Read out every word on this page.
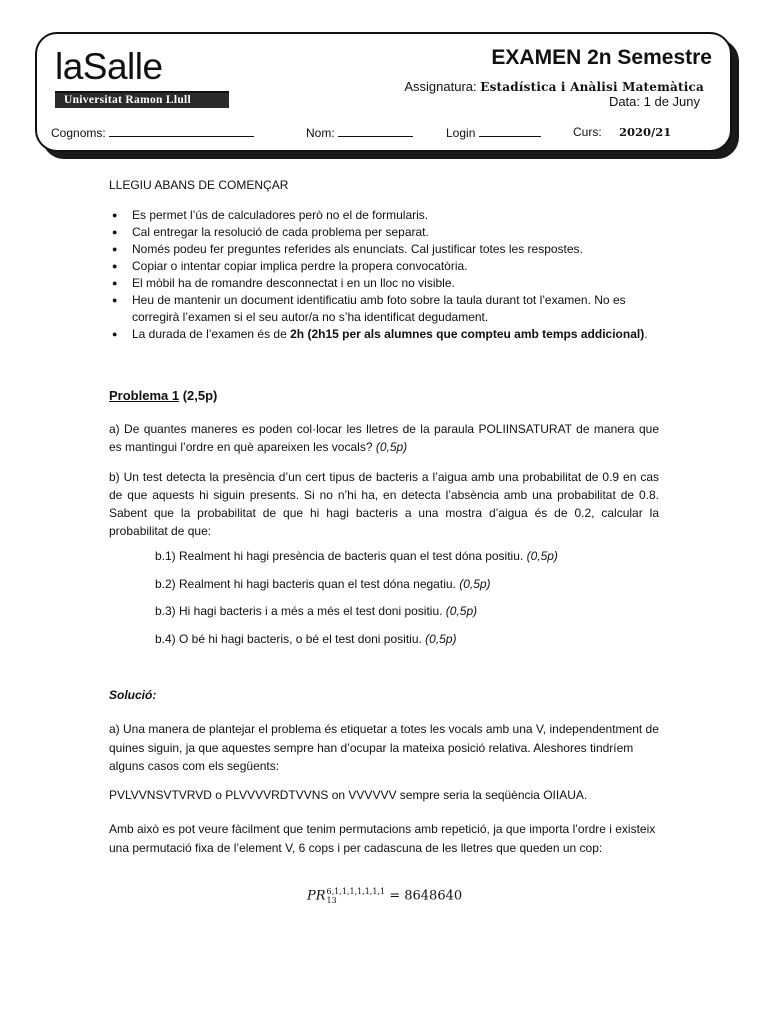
laSalle
Universitat Ramon Llull
EXAMEN 2n Semestre
Assignatura: Estadística i Anàlisi Matemàtica
Data: 1 de Juny
Cognoms:	Nom:	Login	Curs: 2020/21
LLEGIU ABANS DE COMENÇAR
● Es permet l’ús de calculadores però no el de formularis.
● Cal entregar la resolució de cada problema per separat.
● Només podeu fer preguntes referides als enunciats. Cal justificar totes les respostes.
● Copiar o intentar copiar implica perdre la propera convocatòria.
● El mòbil ha de romandre desconnectat i en un lloc no visible.
● Heu de mantenir un document identificatiu amb foto sobre la taula durant tot l’examen. No es corregirà l’examen si el seu autor/a no s’ha identificat degudament.
● La durada de l’examen és de 2h (2h15 per als alumnes que compteu amb temps addicional).
Problema 1 (2,5p)
a) De quantes maneres es poden col·locar les lletres de la paraula POLIINSATURAT de manera que es mantingui l’ordre en què apareixen les vocals? (0,5p)
b) Un test detecta la presència d’un cert tipus de bacteris a l’aigua amb una probabilitat de 0.9 en cas de que aquests hi siguin presents. Si no n’hi ha, en detecta l’absència amb una probabilitat de 0.8. Sabent que la probabilitat de que hi hagi bacteris a una mostra d’aigua és de 0.2, calcular la probabilitat de que:
b.1) Realment hi hagi presència de bacteris quan el test dóna positiu. (0,5p)
b.2) Realment hi hagi bacteris quan el test dóna negatiu. (0,5p)
b.3) Hi hagi bacteris i a més a més el test doni positiu. (0,5p)
b.4) O bé hi hagi bacteris, o bé el test doni positiu. (0,5p)
Solució:
a) Una manera de plantejar el problema és etiquetar a totes les vocals amb una V, independentment de quines siguin, ja que aquestes sempre han d’ocupar la mateixa posició relativa. Aleshores tindríem alguns casos com els següents:
PVLVVNSVTVRVD o PLVVVVRDTVVNS on VVVVVV sempre seria la seqüència OIIAUA.
Amb això es pot veure fàcilment que tenim permutacions amb repetició, ja que importa l’ordre i existeix una permutació fixa de l’element V, 6 cops i per cadascuna de les lletres que queden un cop:
PR 6,1,1,1,1,1,1,1
13	= 8648640
